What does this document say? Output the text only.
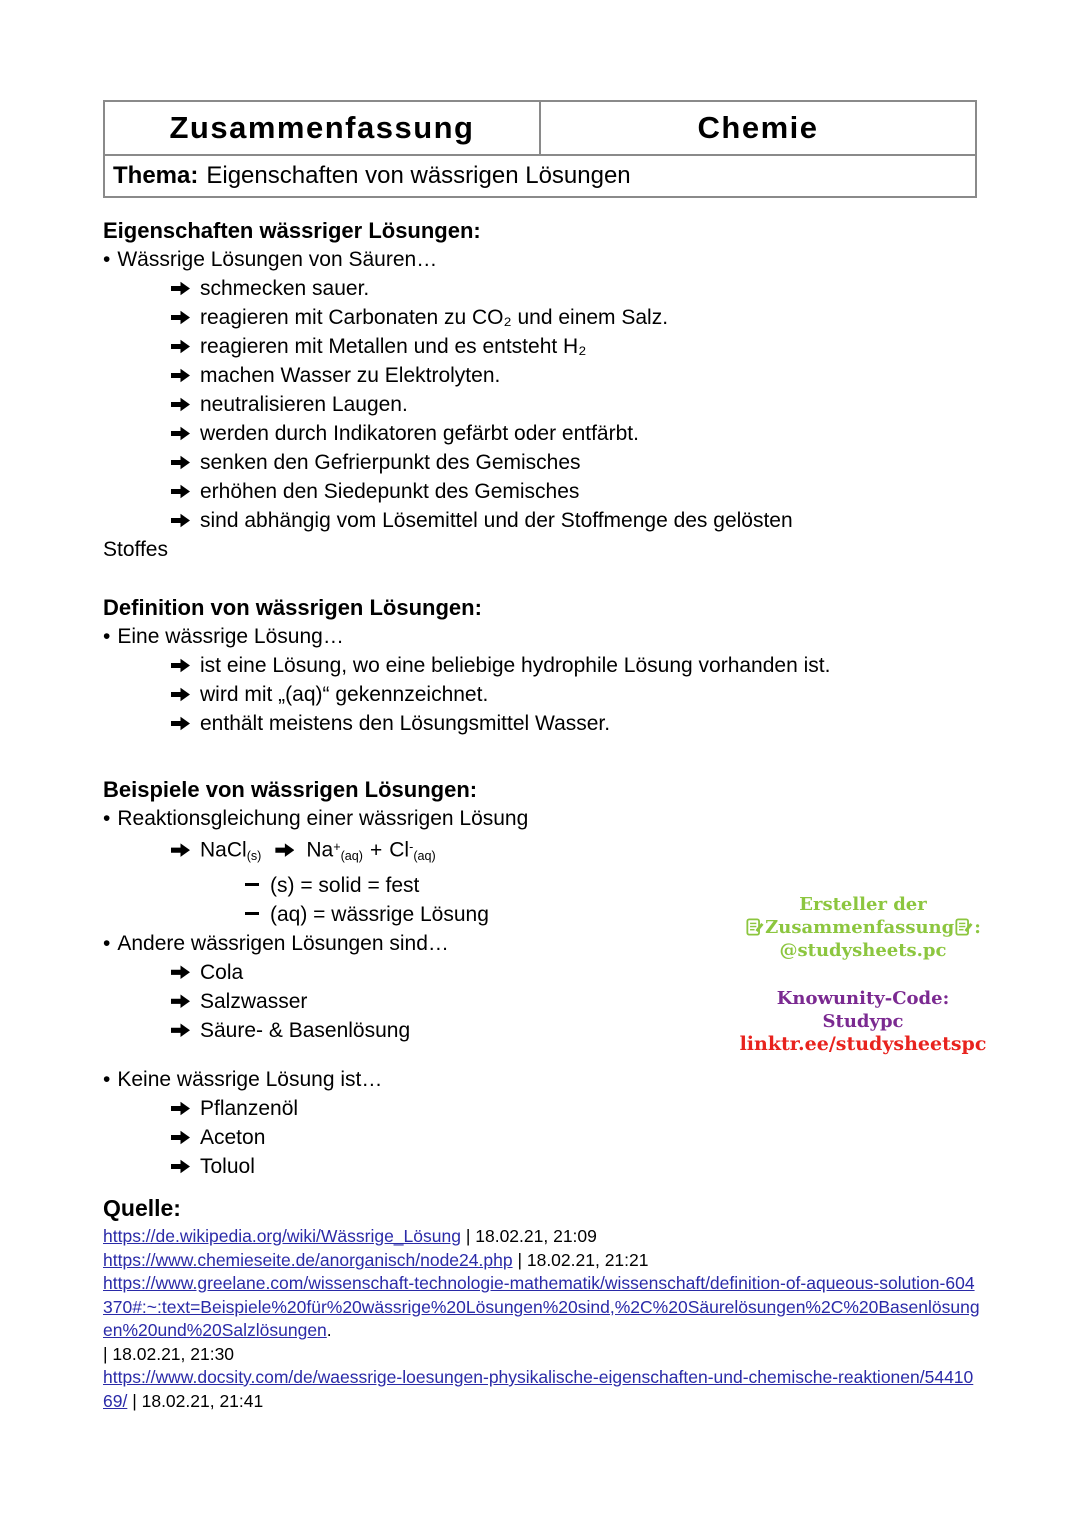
Zusammenfassung	Chemie
Thema: Eigenschaften von wässrigen Lösungen
Eigenschaften wässriger Lösungen:
• Wässrige Lösungen von Säuren…
schmecken sauer.
reagieren mit Carbonaten zu CO₂ und einem Salz.
reagieren mit Metallen und es entsteht H₂
machen Wasser zu Elektrolyten.
neutralisieren Laugen.
werden durch Indikatoren gefärbt oder entfärbt.
senken den Gefrierpunkt des Gemisches
erhöhen den Siedepunkt des Gemisches
sind abhängig vom Lösemittel und der Stoffmenge des gelösten
Stoffes
Definition von wässrigen Lösungen:
• Eine wässrige Lösung…
ist eine Lösung, wo eine beliebige hydrophile Lösung vorhanden ist.
wird mit „(aq)“ gekennzeichnet.
enthält meistens den Lösungsmittel Wasser.
Beispiele von wässrigen Lösungen:
• Reaktionsgleichung einer wässrigen Lösung
NaCl$_{(s)}$ $Na^+_{(aq)} + Cl^-_{(aq)}$
(s) = solid = fest
(aq) = wässrige Lösung
• Andere wässrigen Lösungen sind…
Cola
Salzwasser
Säure- & Basenlösung
• Keine wässrige Lösung ist…
Pflanzenöl
Aceton
Toluol
Ersteller der
Zusammenfassung :
@studysheets.pc
Knowunity-Code:
Studypc
linktr.ee/studysheetspc
Quelle:
https://de.wikipedia.org/wiki/Wässrige_Lösung | 18.02.21, 21:09
https://www.chemieseite.de/anorganisch/node24.php | 18.02.21, 21:21
https://www.greelane.com/wissenschaft-technologie-mathematik/wissenschaft/definition-of-aqueous-solution-604370#:~:text=Beispiele%20für%20wässrige%20Lösungen%20sind,%2C%20Säurelösungen%2C%20Basenlösungen%20und%20Salzlösungen.
| 18.02.21, 21:30
https://www.docsity.com/de/waessrige-loesungen-physikalische-eigenschaften-und-chemische-reaktionen/5441069/ | 18.02.21, 21:41
